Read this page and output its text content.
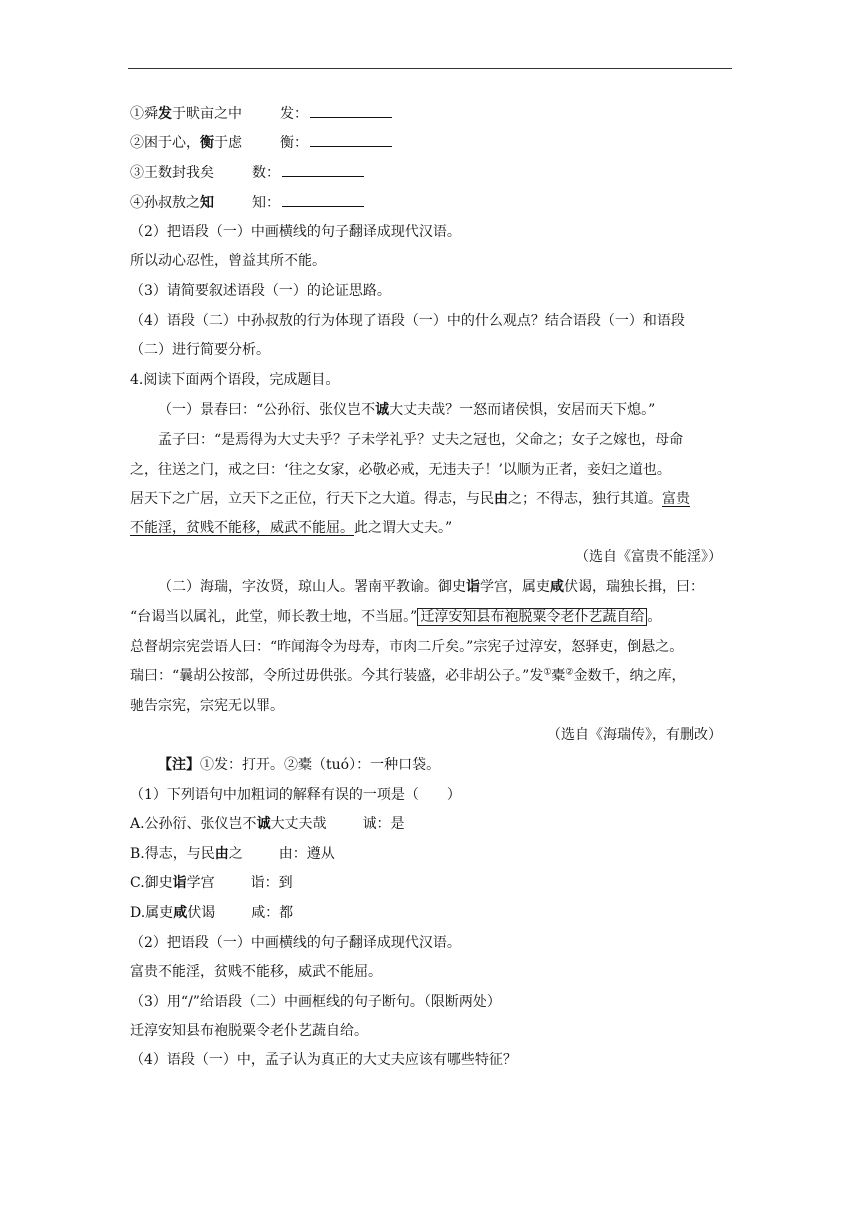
①舜发于畎亩之中	发：
②困于心，衡于虑	衡：
③王数封我矣	数：
④孙叔敖之知	知：
（2）把语段（一）中画横线的句子翻译成现代汉语。
所以动心忍性，曾益其所不能。
（3）请简要叙述语段（一）的论证思路。
（4）语段（二）中孙叔敖的行为体现了语段（一）中的什么观点？结合语段（一）和语段
（二）进行简要分析。
4.阅读下面两个语段，完成题目。
（一）景春曰：“公孙衍、张仪岂不诚大丈夫哉？一怒而诸侯惧，安居而天下熄。”
孟子曰：“是焉得为大丈夫乎？子未学礼乎？丈夫之冠也，父命之；女子之嫁也，母命
之，往送之门，戒之曰：‘往之女家，必敬必戒，无违夫子！’以顺为正者，妾妇之道也。
居天下之广居，立天下之正位，行天下之大道。得志，与民由之；不得志，独行其道。富贵
不能淫，贫贱不能移，威武不能屈。此之谓大丈夫。”
（选自《富贵不能淫》）
（二）海瑞，字汝贤，琼山人。署南平教谕。御史诣学宫，属吏咸伏谒，瑞独长揖，曰：
“台谒当以属礼，此堂，师长教士地，不当屈。” 迁淳安知县布袍脱粟令老仆艺蔬自给 。
总督胡宗宪尝语人曰：“昨闻海令为母寿，市肉二斤矣。”宗宪子过淳安，怒驿吏，倒悬之。
瑞曰：“曩胡公按部，令所过毋供张。今其行装盛，必非胡公子。”发①橐②金数千，纳之库，
驰告宗宪，宗宪无以罪。
（选自《海瑞传》，有删改）
【注】①发：打开。②橐（tuó）：一种口袋。
（1）下列语句中加粗词的解释有误的一项是（　　）
A.公孙衍、张仪岂不诚大丈夫哉	诚：是
B.得志，与民由之	由：遵从
C.御史诣学宫	诣：到
D.属吏咸伏谒	咸：都
（2）把语段（一）中画横线的句子翻译成现代汉语。
富贵不能淫，贫贱不能移，威武不能屈。
（3）用“/”给语段（二）中画框线的句子断句。（限断两处）
迁淳安知县布袍脱粟令老仆艺蔬自给。
（4）语段（一）中，孟子认为真正的大丈夫应该有哪些特征？
